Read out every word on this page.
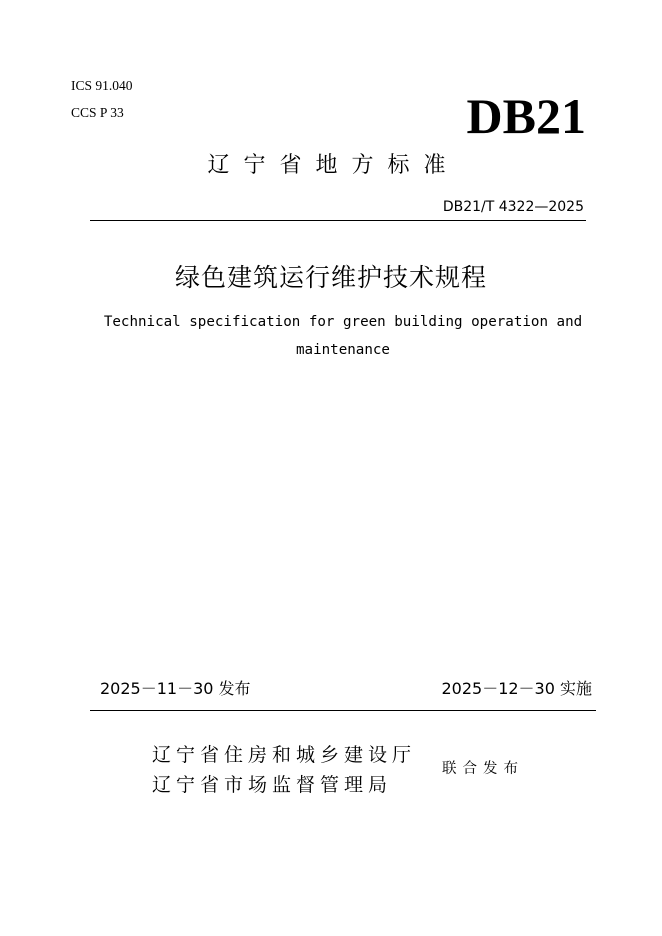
ICS 91.040
CCS P 33	DB21
辽宁省地方标准
DB21/T 4322—2025
绿色建筑运行维护技术规程
Technical specification for green building operation and maintenance
2025－11－30 发布	2025－12－30 实施
辽宁省住房和城乡建设厅
辽宁省市场监督管理局
联合发布
